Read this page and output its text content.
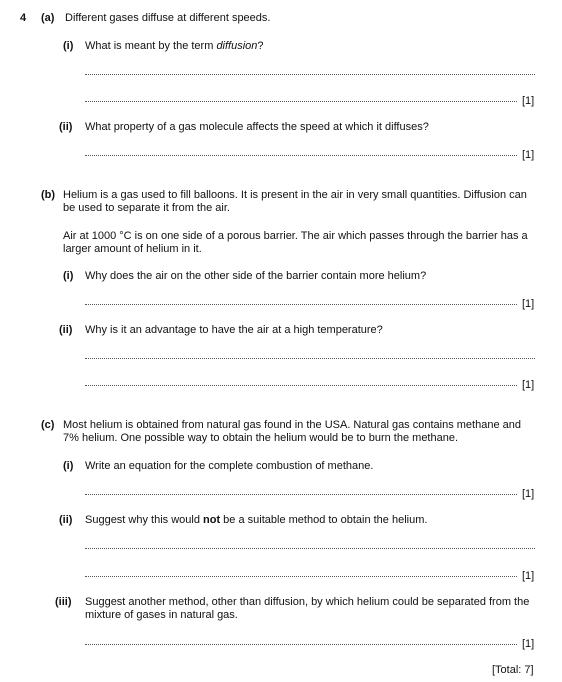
4 (a) Different gases diffuse at different speeds.
(i) What is meant by the term diffusion?
[1]
(ii) What property of a gas molecule affects the speed at which it diffuses?
[1]
(b) Helium is a gas used to fill balloons. It is present in the air in very small quantities. Diffusion can be used to separate it from the air.
Air at 1000 °C is on one side of a porous barrier. The air which passes through the barrier has a larger amount of helium in it.
(i) Why does the air on the other side of the barrier contain more helium?
[1]
(ii) Why is it an advantage to have the air at a high temperature?
[1]
(c) Most helium is obtained from natural gas found in the USA. Natural gas contains methane and 7% helium. One possible way to obtain the helium would be to burn the methane.
(i) Write an equation for the complete combustion of methane.
[1]
(ii) Suggest why this would not be a suitable method to obtain the helium.
[1]
(iii) Suggest another method, other than diffusion, by which helium could be separated from the mixture of gases in natural gas.
[1]
[Total: 7]
